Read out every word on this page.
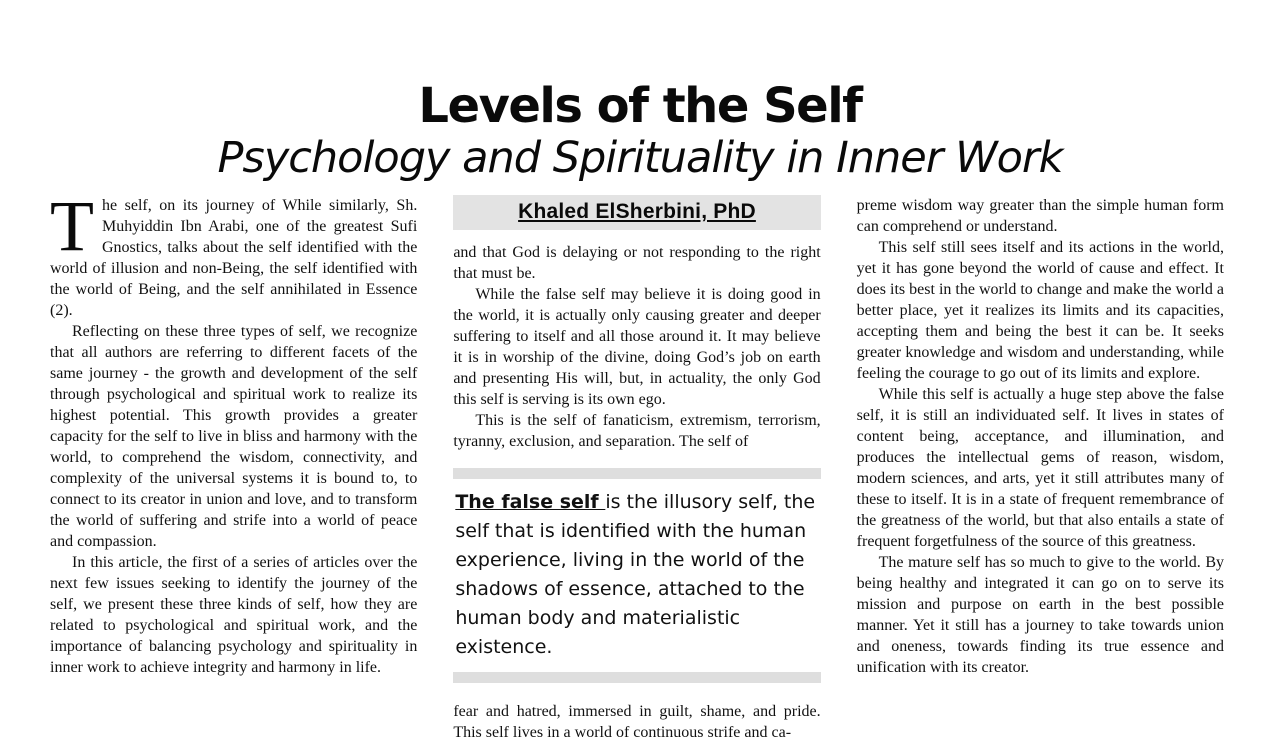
Levels of the Self
Psychology and Spirituality in Inner Work

The self, on its journey of While similarly, Sh. Muhyiddin Ibn Arabi, one of the greatest Sufi Gnostics, talks about the self identified with the world of illusion and non-Being, the self identified with the world of Being, and the self annihilated in Essence (2).

Reflecting on these three types of self, we recognize that all authors are referring to different facets of the same journey - the growth and development of the self through psychological and spiritual work to realize its highest potential. This growth provides a greater capacity for the self to live in bliss and harmony with the world, to comprehend the wisdom, connectivity, and complexity of the universal systems it is bound to, to connect to its creator in union and love, and to transform the world of suffering and strife into a world of peace and compassion.

In this article, the first of a series of articles over the next few issues seeking to identify the journey of the self, we present these three kinds of self, how they are related to psychological and spiritual work, and the importance of balancing psychology and spirituality in inner work to achieve integrity and harmony in life.

Khaled ElSherbini, PhD

and that God is delaying or not responding to the right that must be.

While the false self may believe it is doing good in the world, it is actually only causing greater and deeper suffering to itself and all those around it. It may believe it is in worship of the divine, doing God’s job on earth and presenting His will, but, in actuality, the only God this self is serving is its own ego.

This is the self of fanaticism, extremism, terrorism, tyranny, exclusion, and separation. The self of

The false self is the illusory self, the self that is identified with the human experience, living in the world of the shadows of essence, attached to the human body and materialistic existence.

fear and hatred, immersed in guilt, shame, and pride. This self lives in a world of continuous strife and ca-

preme wisdom way greater than the simple human form can comprehend or understand.

This self still sees itself and its actions in the world, yet it has gone beyond the world of cause and effect. It does its best in the world to change and make the world a better place, yet it realizes its limits and its capacities, accepting them and being the best it can be. It seeks greater knowledge and wisdom and understanding, while feeling the courage to go out of its limits and explore.

While this self is actually a huge step above the false self, it is still an individuated self. It lives in states of content being, acceptance, and illumination, and produces the intellectual gems of reason, wisdom, modern sciences, and arts, yet it still attributes many of these to itself. It is in a state of frequent remembrance of the greatness of the world, but that also entails a state of frequent forgetfulness of the source of this greatness.

The mature self has so much to give to the world. By being healthy and integrated it can go on to serve its mission and purpose on earth in the best possible manner. Yet it still has a journey to take towards union and oneness, towards finding its true essence and unification with its creator.
